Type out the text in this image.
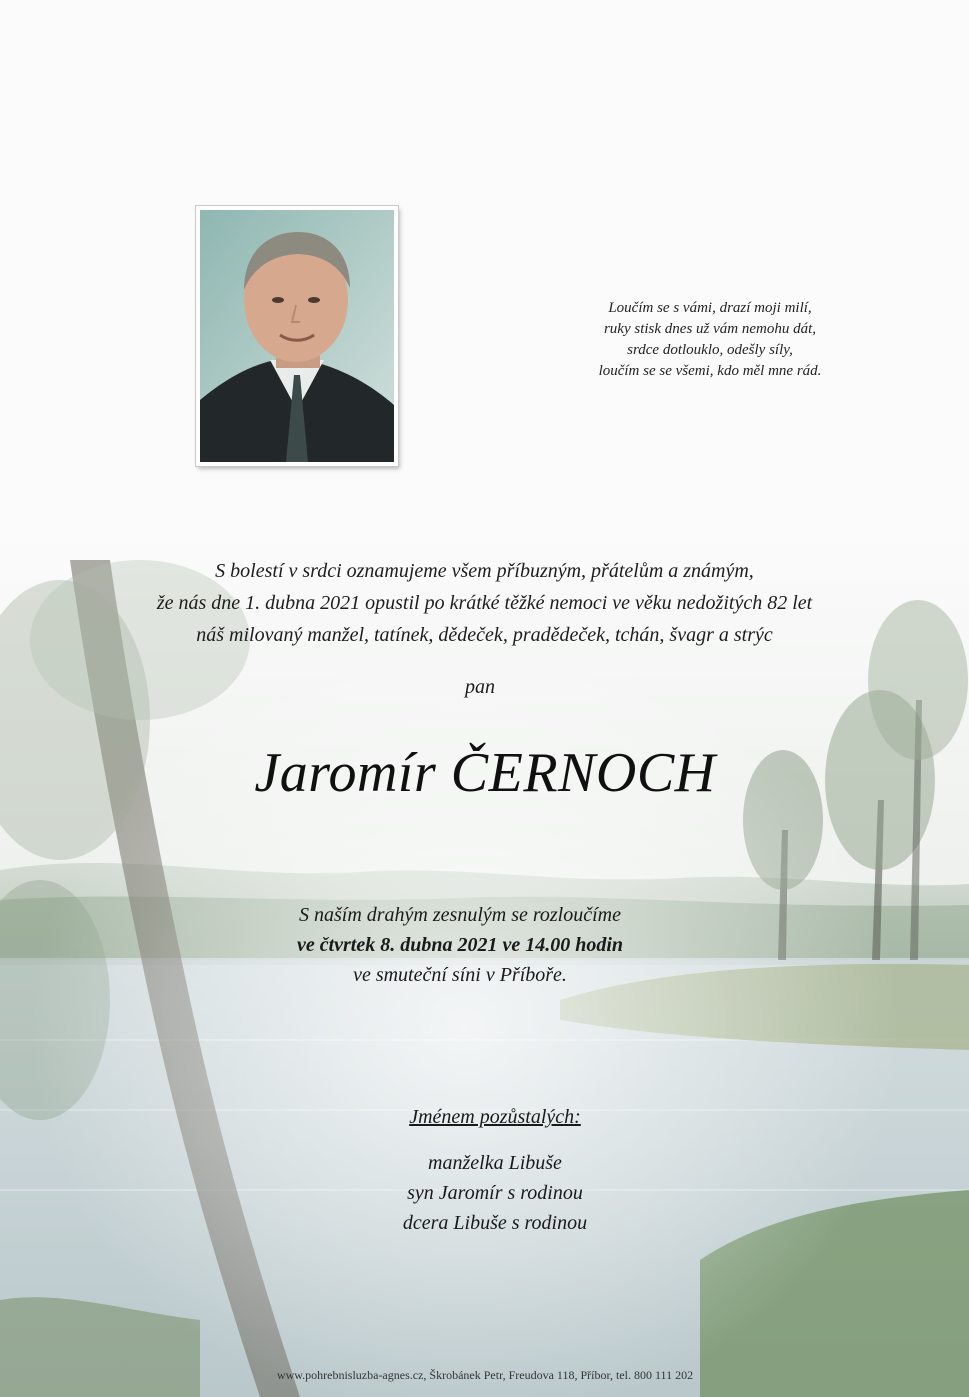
Loučím se s vámi, drazí moji milí,
ruky stisk dnes už vám nemohu dát,
srdce dotlouklo, odešly síly,
loučím se se všemi, kdo měl mne rád.
S bolestí v srdci oznamujeme všem příbuzným, přátelům a známým,
že nás dne 1. dubna 2021 opustil po krátké těžké nemoci ve věku nedožitých 82 let
náš milovaný manžel, tatínek, dědeček, pradědeček, tchán, švagr a strýc
pan
Jaromír ČERNOCH
S naším drahým zesnulým se rozloučíme
ve čtvrtek 8. dubna 2021 ve 14.00 hodin
ve smuteční síni v Příboře.
Jménem pozůstalých:
manželka Libuše
syn Jaromír s rodinou
dcera Libuše s rodinou
www.pohrebnisluzba-agnes.cz, Škrobánek Petr, Freudova 118, Příbor, tel. 800 111 202
